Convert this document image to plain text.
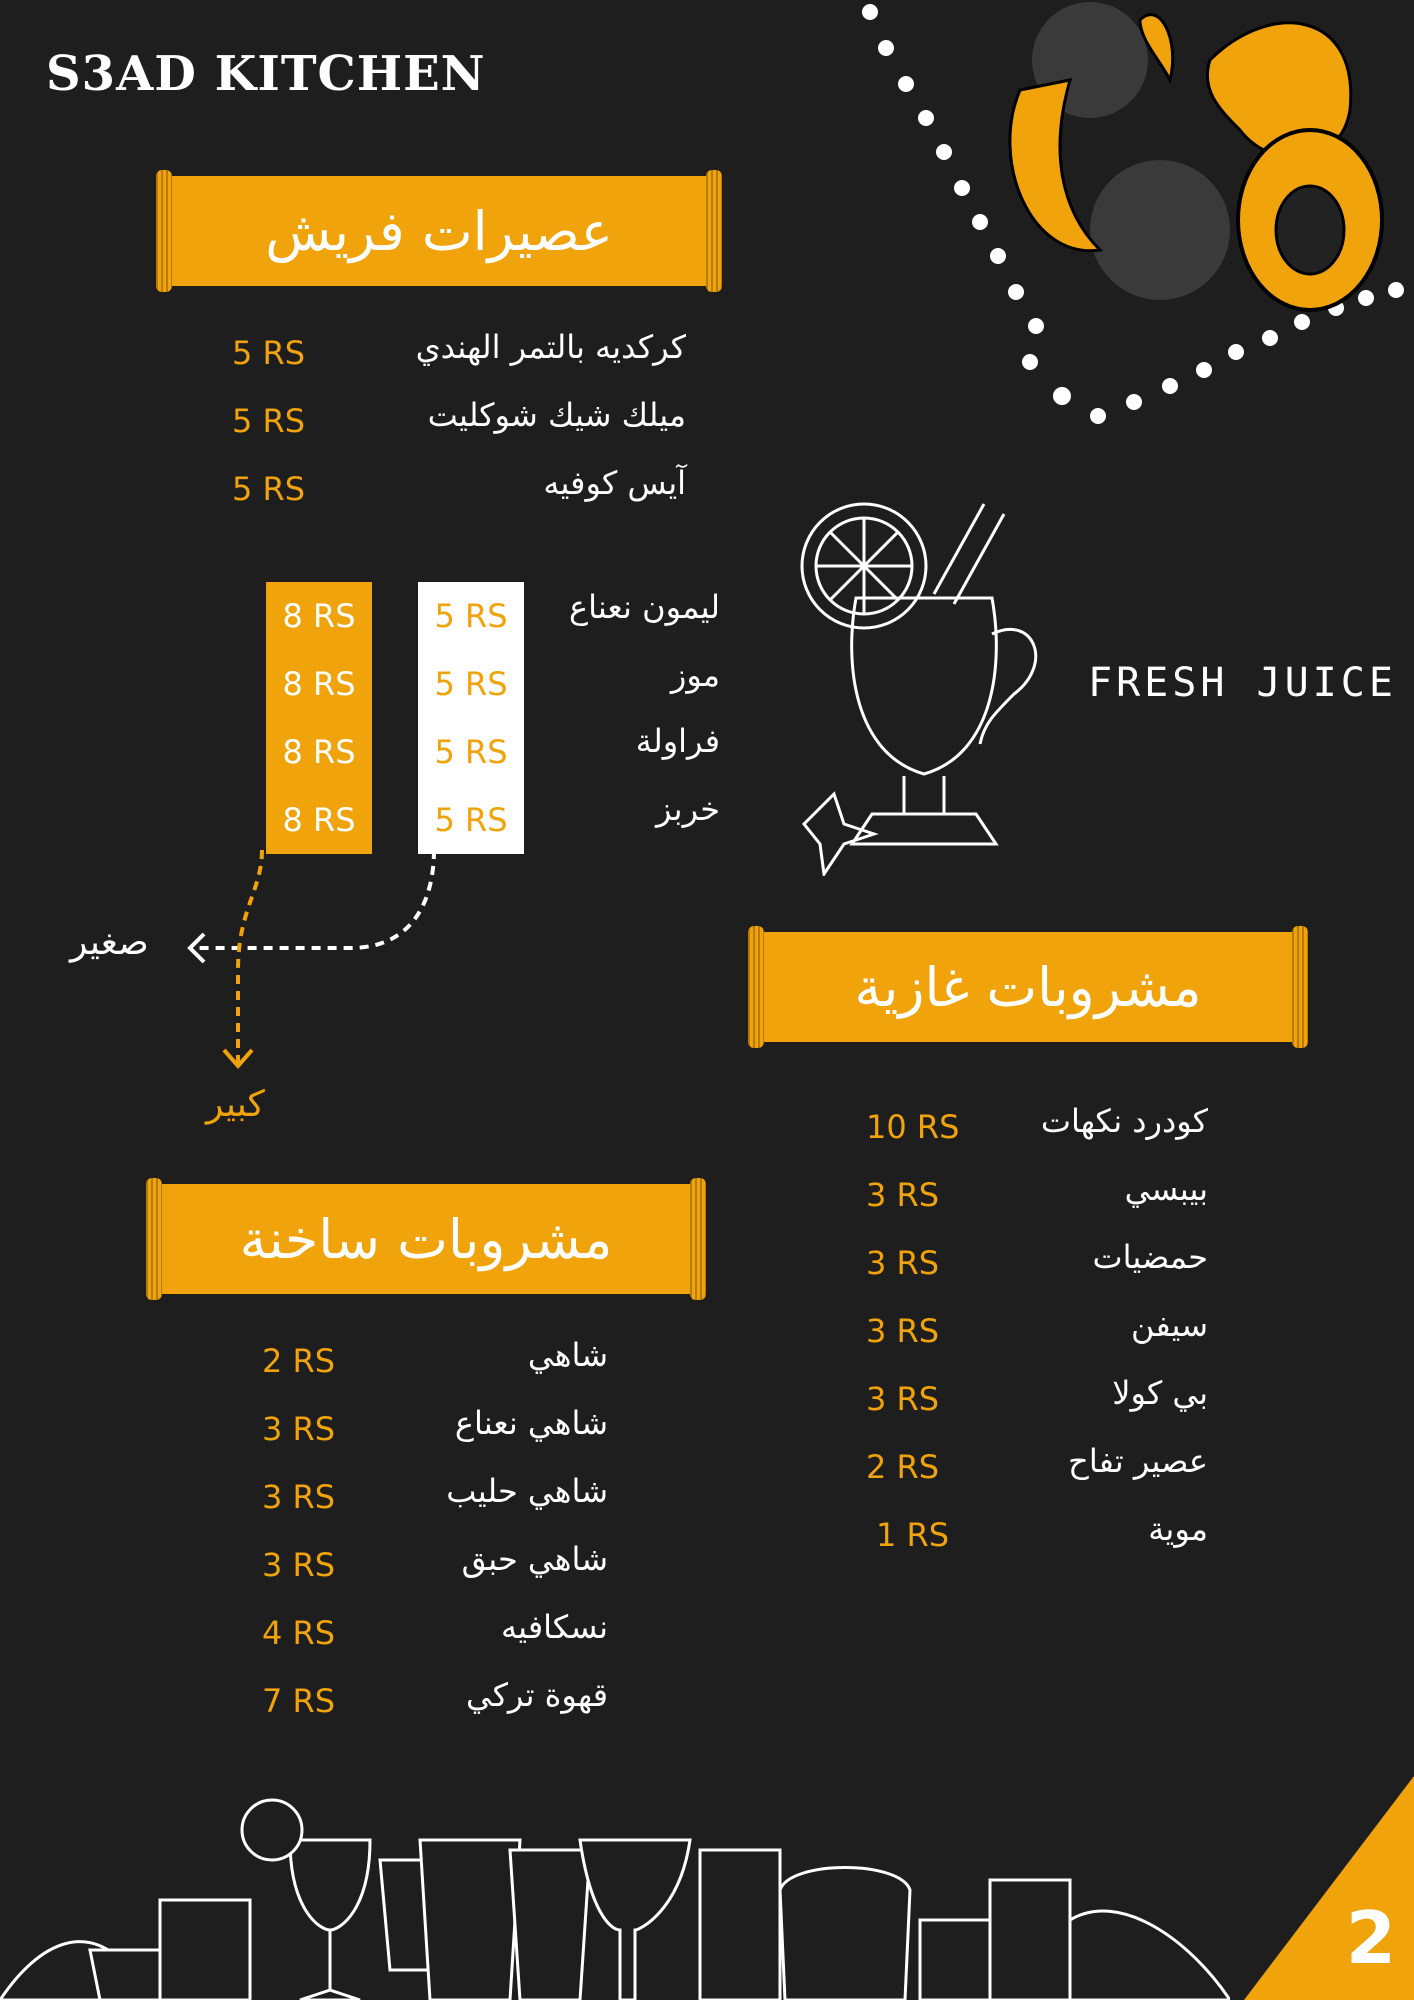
S3AD KITCHEN
عصيرات فريش
كركديه بالتمر الهندي
5 RS
ميلك شيك شوكليت
5 RS
آيس كوفيه
5 RS
ليمون نعناع
موز
فراولة
خربز
5 RS
5 RS
5 RS
5 RS
8 RS
8 RS
8 RS
8 RS
صغير
كبير
FRESH JUICE
مشروبات غازية
كودرد نكهات
10 RS
بيبسي
3 RS
حمضيات
3 RS
سيفن
3 RS
بي كولا
3 RS
عصير تفاح
2 RS
موية
1 RS
مشروبات ساخنة
شاهي
2 RS
شاهي نعناع
3 RS
شاهي حليب
3 RS
شاهي حبق
3 RS
نسكافيه
4 RS
قهوة تركي
7 RS
2
